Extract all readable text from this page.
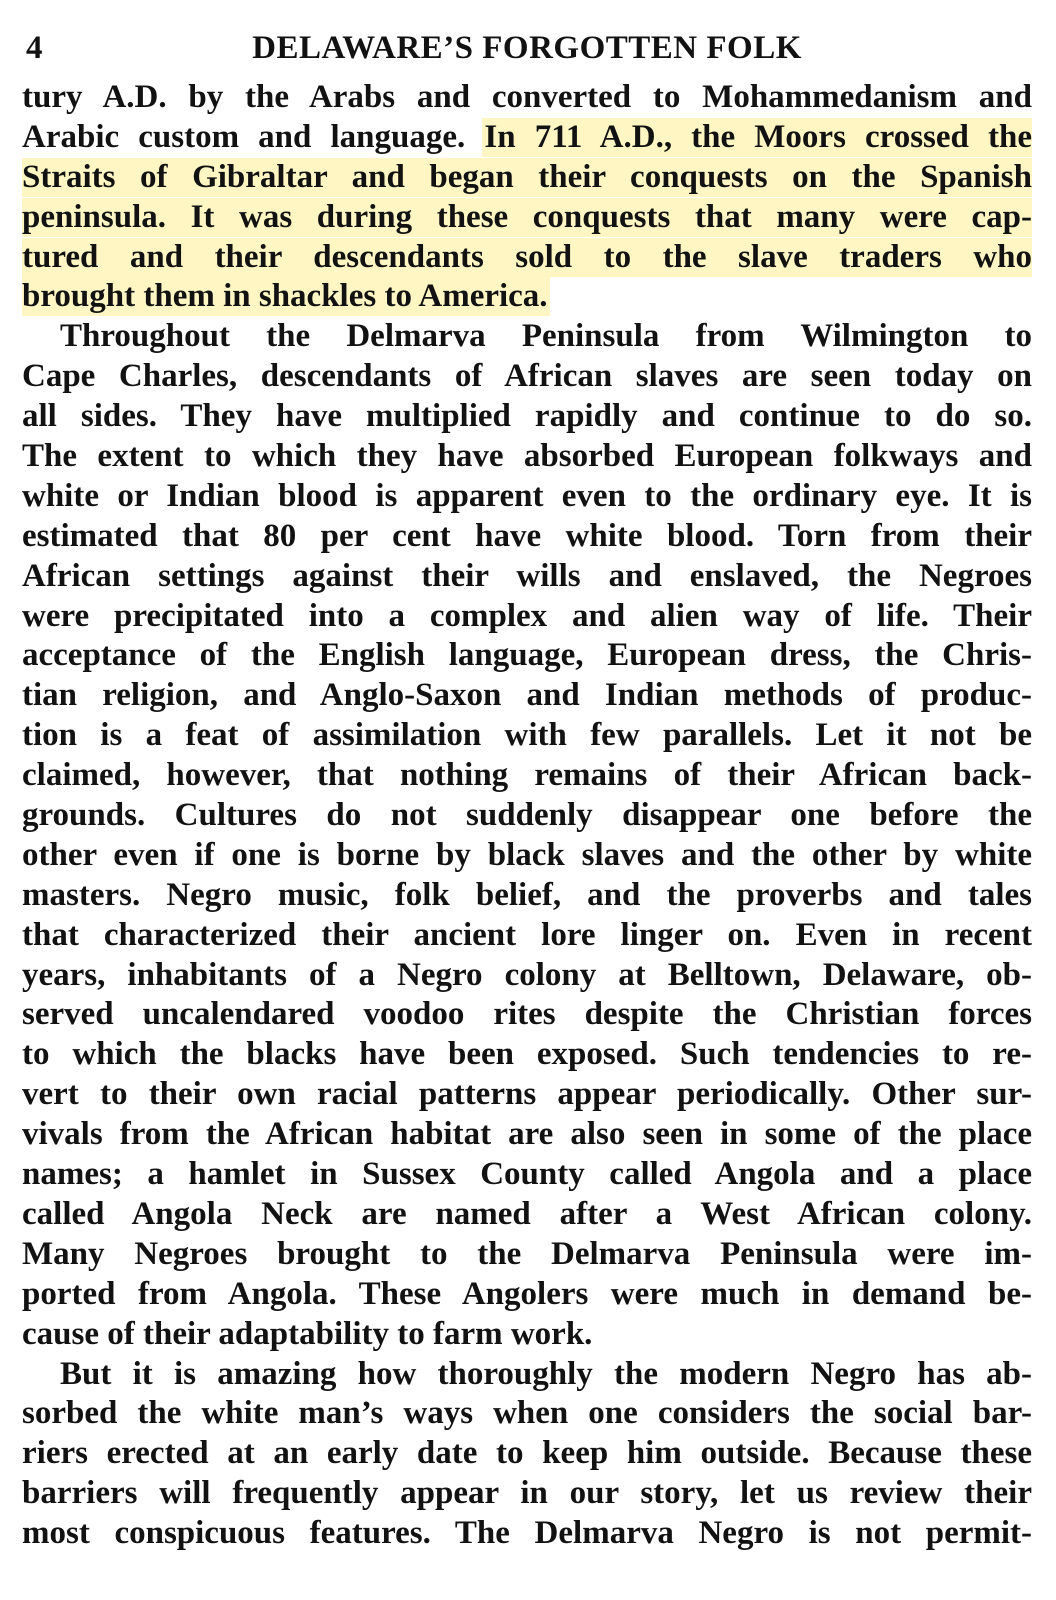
4	DELAWARE’S FORGOTTEN FOLK
tury A.D. by the Arabs and converted to Mohammedanism and
Arabic custom and language. In 711 A.D., the Moors crossed the
Straits of Gibraltar and began their conquests on the Spanish
peninsula. It was during these conquests that many were cap-
tured and their descendants sold to the slave traders who
brought them in shackles to America.
Throughout the Delmarva Peninsula from Wilmington to
Cape Charles, descendants of African slaves are seen today on
all sides. They have multiplied rapidly and continue to do so.
The extent to which they have absorbed European folkways and
white or Indian blood is apparent even to the ordinary eye. It is
estimated that 80 per cent have white blood. Torn from their
African settings against their wills and enslaved, the Negroes
were precipitated into a complex and alien way of life. Their
acceptance of the English language, European dress, the Chris-
tian religion, and Anglo-Saxon and Indian methods of produc-
tion is a feat of assimilation with few parallels. Let it not be
claimed, however, that nothing remains of their African back-
grounds. Cultures do not suddenly disappear one before the
other even if one is borne by black slaves and the other by white
masters. Negro music, folk belief, and the proverbs and tales
that characterized their ancient lore linger on. Even in recent
years, inhabitants of a Negro colony at Belltown, Delaware, ob-
served uncalendared voodoo rites despite the Christian forces
to which the blacks have been exposed. Such tendencies to re-
vert to their own racial patterns appear periodically. Other sur-
vivals from the African habitat are also seen in some of the place
names; a hamlet in Sussex County called Angola and a place
called Angola Neck are named after a West African colony.
Many Negroes brought to the Delmarva Peninsula were im-
ported from Angola. These Angolers were much in demand be-
cause of their adaptability to farm work.
But it is amazing how thoroughly the modern Negro has ab-
sorbed the white man’s ways when one considers the social bar-
riers erected at an early date to keep him outside. Because these
barriers will frequently appear in our story, let us review their
most conspicuous features. The Delmarva Negro is not permit-
